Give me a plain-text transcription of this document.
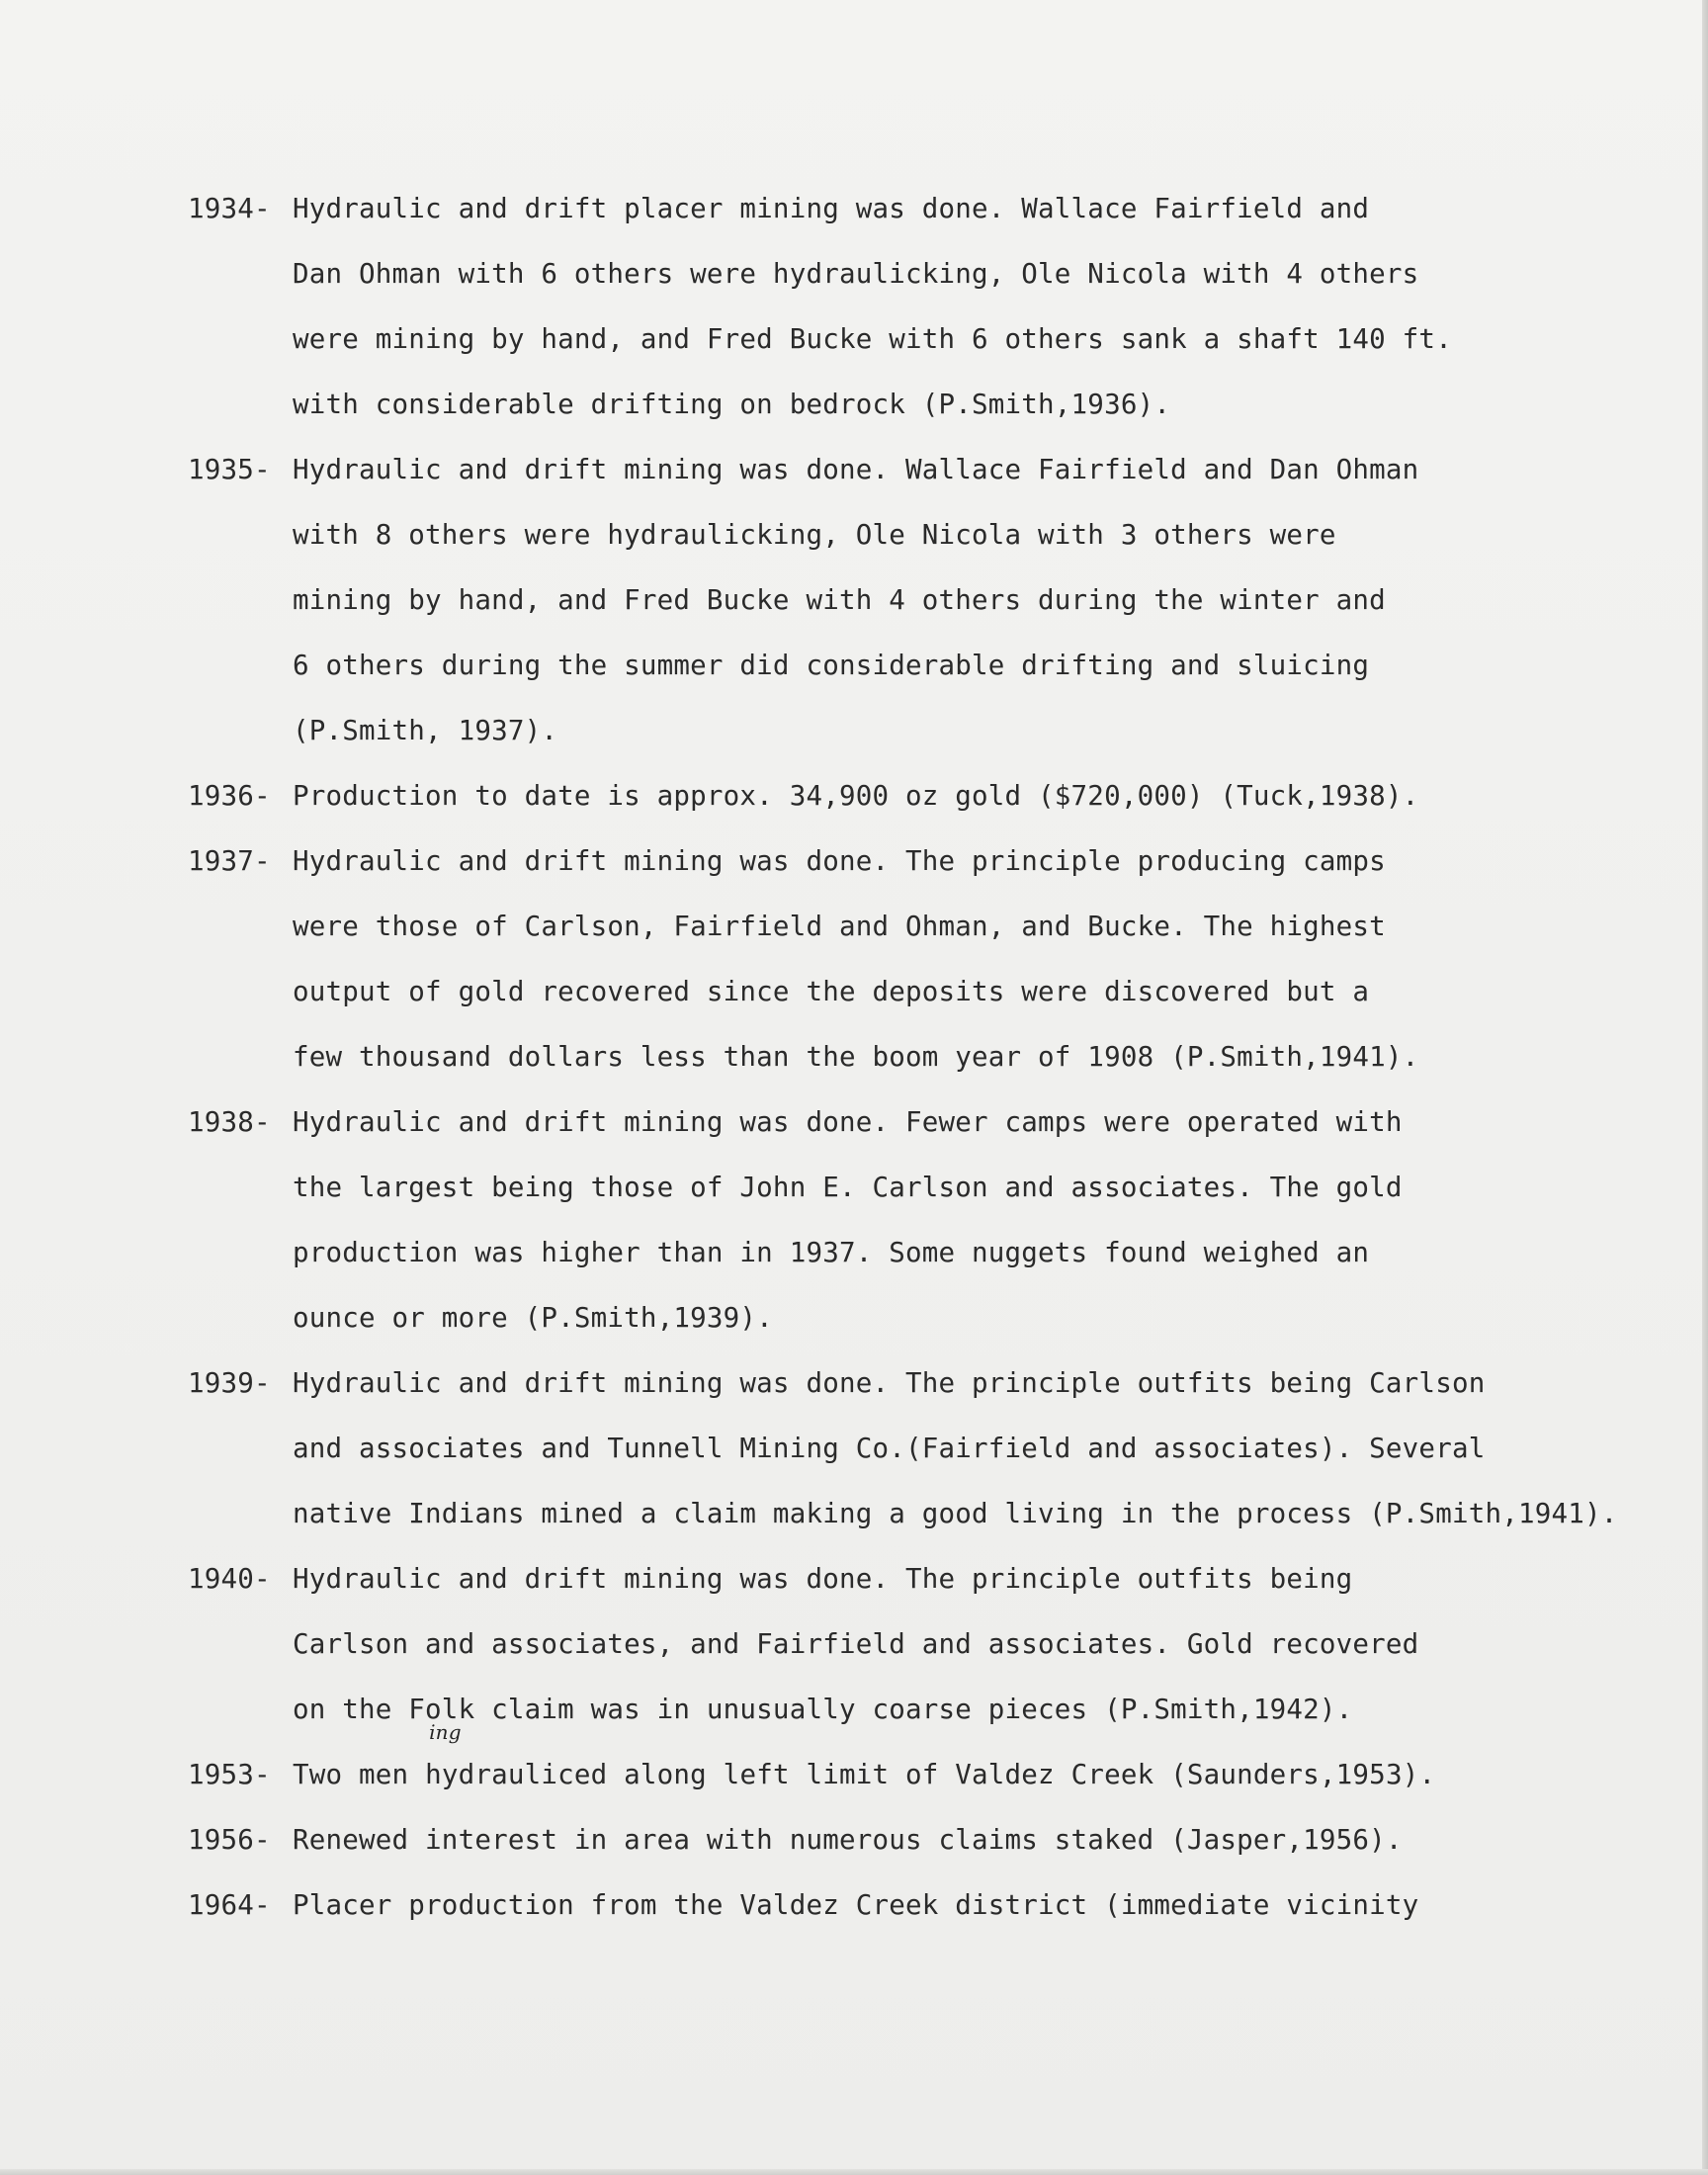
1934- Hydraulic and drift placer mining was done. Wallace Fairfield and
Dan Ohman with 6 others were hydraulicking, Ole Nicola with 4 others
were mining by hand, and Fred Bucke with 6 others sank a shaft 140 ft.
with considerable drifting on bedrock (P.Smith,1936).
1935- Hydraulic and drift mining was done. Wallace Fairfield and Dan Ohman
with 8 others were hydraulicking, Ole Nicola with 3 others were
mining by hand, and Fred Bucke with 4 others during the winter and
6 others during the summer did considerable drifting and sluicing
(P.Smith, 1937).
1936- Production to date is approx. 34,900 oz gold ($720,000) (Tuck,1938).
1937- Hydraulic and drift mining was done. The principle producing camps
were those of Carlson, Fairfield and Ohman, and Bucke. The highest
output of gold recovered since the deposits were discovered but a
few thousand dollars less than the boom year of 1908 (P.Smith,1941).
1938- Hydraulic and drift mining was done. Fewer camps were operated with
the largest being those of John E. Carlson and associates. The gold
production was higher than in 1937. Some nuggets found weighed an
ounce or more (P.Smith,1939).
1939- Hydraulic and drift mining was done. The principle outfits being Carlson
and associates and Tunnell Mining Co.(Fairfield and associates). Several
native Indians mined a claim making a good living in the process (P.Smith,1941).
1940- Hydraulic and drift mining was done. The principle outfits being
Carlson and associates, and Fairfield and associates. Gold recovered
on the Folk claim was in unusually coarse pieces (P.Smith,1942).
1953- Two men hydrauliced
ing
along left limit of Valdez Creek (Saunders,1953).
1956- Renewed interest in area with numerous claims staked (Jasper,1956).
1964- Placer production from the Valdez Creek district (immediate vicinity
